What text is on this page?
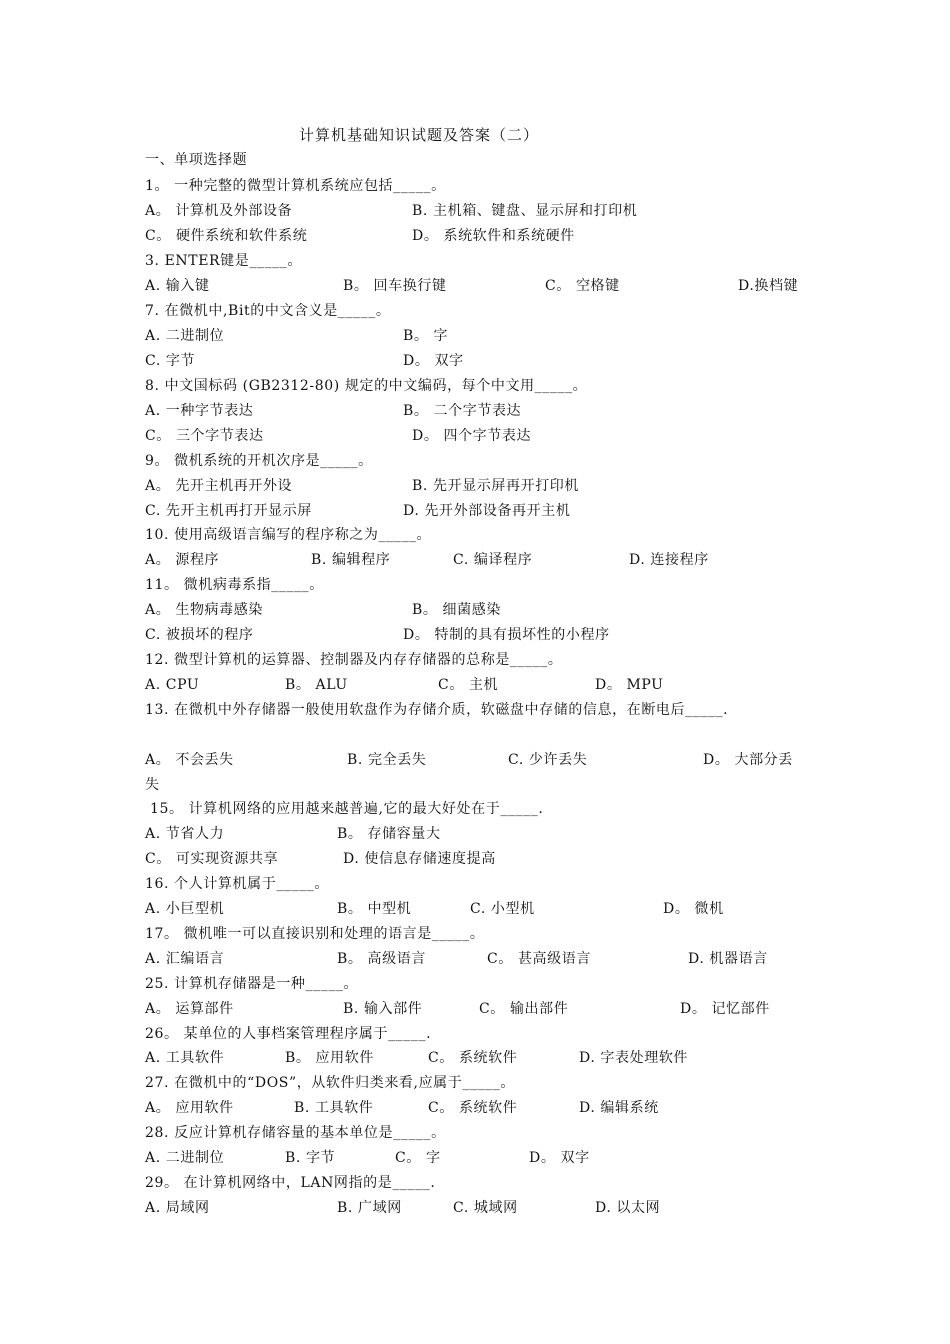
计算机基础知识试题及答案（二）
一、单项选择题
1。 一种完整的微型计算机系统应包括_____。
A。 计算机及外部设备	B. 主机箱、键盘、显示屏和打印机
C。 硬件系统和软件系统	D。 系统软件和系统硬件
3. ENTER键是_____。
A. 输入键	B。 回车换行键	C。 空格键	D.换档键
7. 在微机中,Bit的中文含义是_____。
A. 二进制位	B。 字
C. 字节	D。 双字
8. 中文国标码 (GB2312-80) 规定的中文编码，每个中文用_____。
A. 一种字节表达	B。 二个字节表达
C。 三个字节表达	D。 四个字节表达
9。 微机系统的开机次序是_____。
A。 先开主机再开外设	B. 先开显示屏再开打印机
C. 先开主机再打开显示屏	D. 先开外部设备再开主机
10. 使用高级语言编写的程序称之为_____。
A。 源程序	B. 编辑程序	C. 编译程序	D. 连接程序
11。 微机病毒系指_____。
A。 生物病毒感染	B。 细菌感染
C. 被损坏的程序	D。 特制的具有损坏性的小程序
12. 微型计算机的运算器、控制器及内存存储器的总称是_____。
A. CPU	B。 ALU	C。 主机	D。 MPU
13. 在微机中外存储器一般使用软盘作为存储介质，软磁盘中存储的信息，在断电后_____.
A。 不会丢失	B. 完全丢失	C. 少许丢失	D。 大部分丢
失
15。 计算机网络的应用越来越普遍,它的最大好处在于_____.
A. 节省人力	B。 存储容量大
C。 可实现资源共享	D. 使信息存储速度提高
16. 个人计算机属于_____。
A. 小巨型机	B。 中型机	C. 小型机	D。 微机
17。 微机唯一可以直接识别和处理的语言是_____。
A. 汇编语言	B。 高级语言	C。 甚高级语言	D. 机器语言
25. 计算机存储器是一种_____。
A。 运算部件	B. 输入部件	C。 输出部件	D。 记忆部件
26。 某单位的人事档案管理程序属于_____.
A. 工具软件	B。 应用软件	C。 系统软件	D. 字表处理软件
27. 在微机中的“DOS”，从软件归类来看,应属于_____。
A。 应用软件	B. 工具软件	C。 系统软件	D. 编辑系统
28. 反应计算机存储容量的基本单位是_____。
A. 二进制位	B. 字节	C。 字	D。 双字
29。 在计算机网络中，LAN网指的是_____.
A. 局域网	B. 广域网	C. 城域网	D. 以太网
